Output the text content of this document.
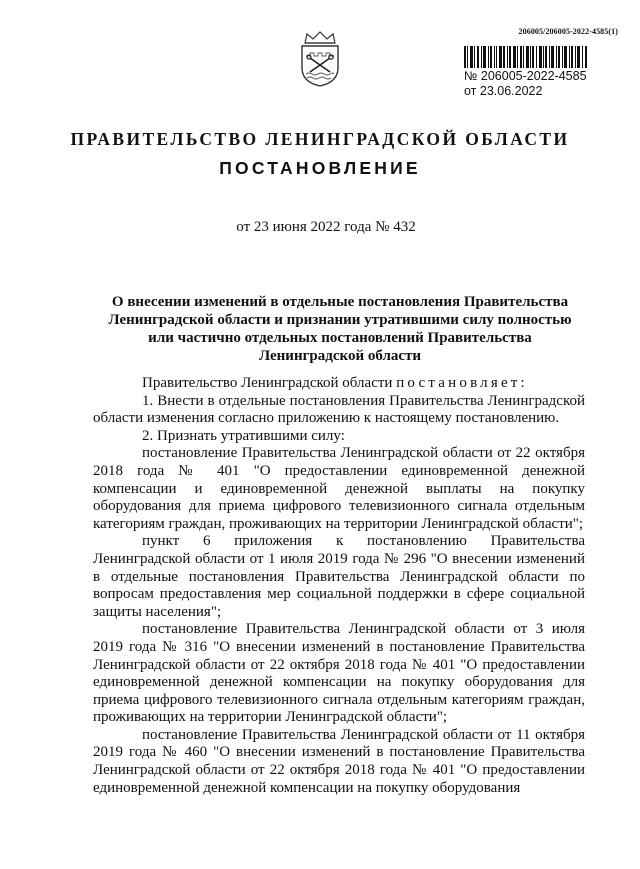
206005/206005-2022-4585(1)
№ 206005-2022-4585
от 23.06.2022
ПРАВИТЕЛЬСТВО ЛЕНИНГРАДСКОЙ ОБЛАСТИ
ПОСТАНОВЛЕНИЕ
от 23 июня 2022 года № 432
О внесении изменений в отдельные постановления Правительства Ленинградской области и признании утратившими силу полностью или частично отдельных постановлений Правительства Ленинградской области

Правительство Ленинградской области постановляет:

1. Внести в отдельные постановления Правительства Ленинградской области изменения согласно приложению к настоящему постановлению.

2. Признать утратившими силу:

постановление Правительства Ленинградской области от 22 октября 2018 года № 401 "О предоставлении единовременной денежной компенсации и единовременной денежной выплаты на покупку оборудования для приема цифрового телевизионного сигнала отдельным категориям граждан, проживающих на территории Ленинградской области";

пункт 6 приложения к постановлению Правительства Ленинградской области от 1 июля 2019 года № 296 "О внесении изменений в отдельные постановления Правительства Ленинградской области по вопросам предоставления мер социальной поддержки в сфере социальной защиты населения";

постановление Правительства Ленинградской области от 3 июля 2019 года № 316 "О внесении изменений в постановление Правительства Ленинградской области от 22 октября 2018 года № 401 "О предоставлении единовременной денежной компенсации на покупку оборудования для приема цифрового телевизионного сигнала отдельным категориям граждан, проживающих на территории Ленинградской области";

постановление Правительства Ленинградской области от 11 октября 2019 года № 460 "О внесении изменений в постановление Правительства Ленинградской области от 22 октября 2018 года № 401 "О предоставлении единовременной денежной компенсации на покупку оборудования
